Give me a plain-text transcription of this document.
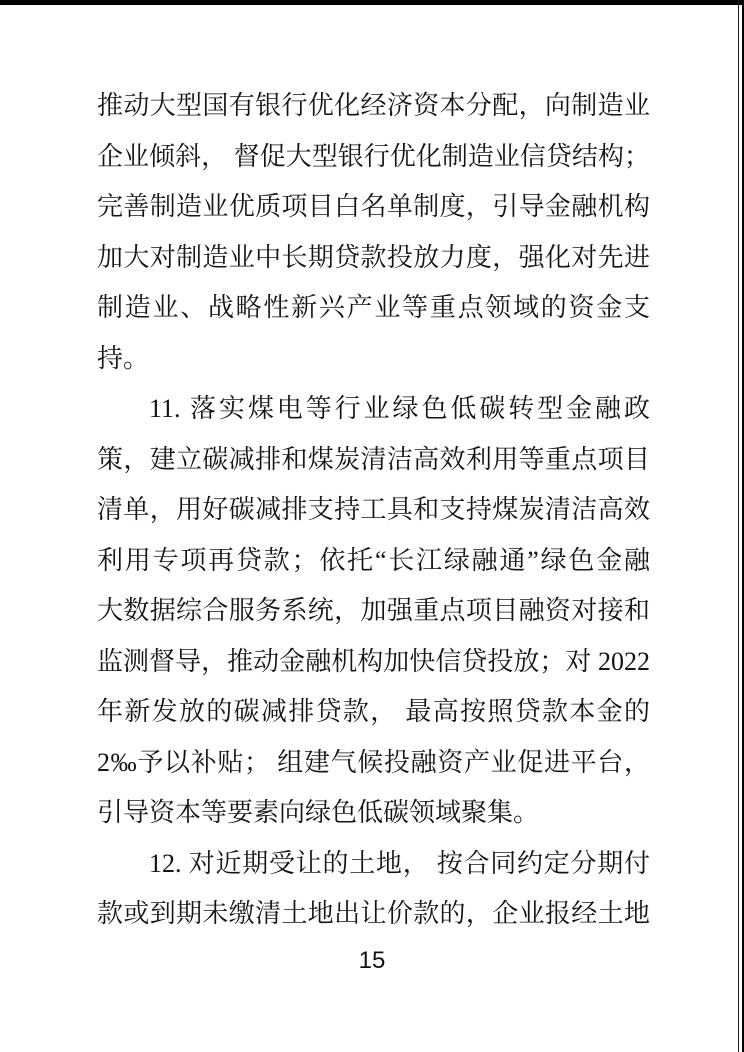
推动大型国有银行优化经济资本分配，向制造业
企业倾斜， 督促大型银行优化制造业信贷结构；
完善制造业优质项目白名单制度，引导金融机构
加大对制造业中长期贷款投放力度，强化对先进
制造业、战略性新兴产业等重点领域的资金支
持。
11. 落实煤电等行业绿色低碳转型金融政
策，建立碳减排和煤炭清洁高效利用等重点项目
清单，用好碳减排支持工具和支持煤炭清洁高效
利用专项再贷款；依托“长江绿融通”绿色金融
大数据综合服务系统，加强重点项目融资对接和
监测督导，推动金融机构加快信贷投放；对 2022
年新发放的碳减排贷款， 最高按照贷款本金的
2‰予以补贴； 组建气候投融资产业促进平台，
引导资本等要素向绿色低碳领域聚集。
12. 对近期受让的土地， 按合同约定分期付
款或到期未缴清土地出让价款的，企业报经土地
15
